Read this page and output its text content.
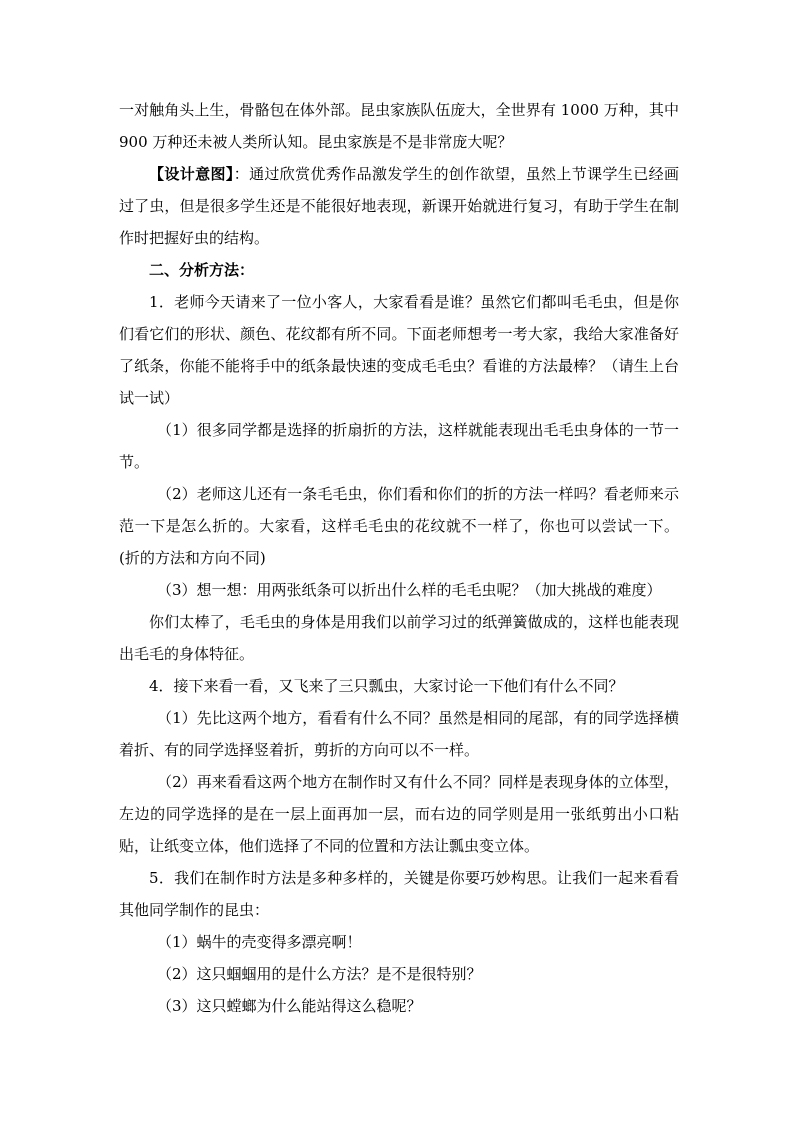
一对触角头上生，骨骼包在体外部。昆虫家族队伍庞大，全世界有 1000 万种，其中 900 万种还未被人类所认知。昆虫家族是不是非常庞大呢？

【设计意图】：通过欣赏优秀作品激发学生的创作欲望，虽然上节课学生已经画过了虫，但是很多学生还是不能很好地表现，新课开始就进行复习，有助于学生在制作时把握好虫的结构。

二、分析方法：

1．老师今天请来了一位小客人，大家看看是谁？虽然它们都叫毛毛虫，但是你们看它们的形状、颜色、花纹都有所不同。下面老师想考一考大家，我给大家准备好了纸条，你能不能将手中的纸条最快速的变成毛毛虫？看谁的方法最棒？（请生上台试一试）

（1）很多同学都是选择的折扇折的方法，这样就能表现出毛毛虫身体的一节一节。

（2）老师这儿还有一条毛毛虫，你们看和你们的折的方法一样吗？看老师来示范一下是怎么折的。大家看，这样毛毛虫的花纹就不一样了，你也可以尝试一下。(折的方法和方向不同)

（3）想一想：用两张纸条可以折出什么样的毛毛虫呢？（加大挑战的难度）

你们太棒了，毛毛虫的身体是用我们以前学习过的纸弹簧做成的，这样也能表现出毛毛的身体特征。

4．接下来看一看，又飞来了三只瓢虫，大家讨论一下他们有什么不同？

（1）先比这两个地方，看看有什么不同？虽然是相同的尾部，有的同学选择横着折、有的同学选择竖着折，剪折的方向可以不一样。

（2）再来看看这两个地方在制作时又有什么不同？同样是表现身体的立体型，左边的同学选择的是在一层上面再加一层，而右边的同学则是用一张纸剪出小口粘贴，让纸变立体，他们选择了不同的位置和方法让瓢虫变立体。

5．我们在制作时方法是多种多样的，关键是你要巧妙构思。让我们一起来看看其他同学制作的昆虫：

（1）蜗牛的壳变得多漂亮啊！

（2）这只蝈蝈用的是什么方法？是不是很特别？

（3）这只螳螂为什么能站得这么稳呢？
